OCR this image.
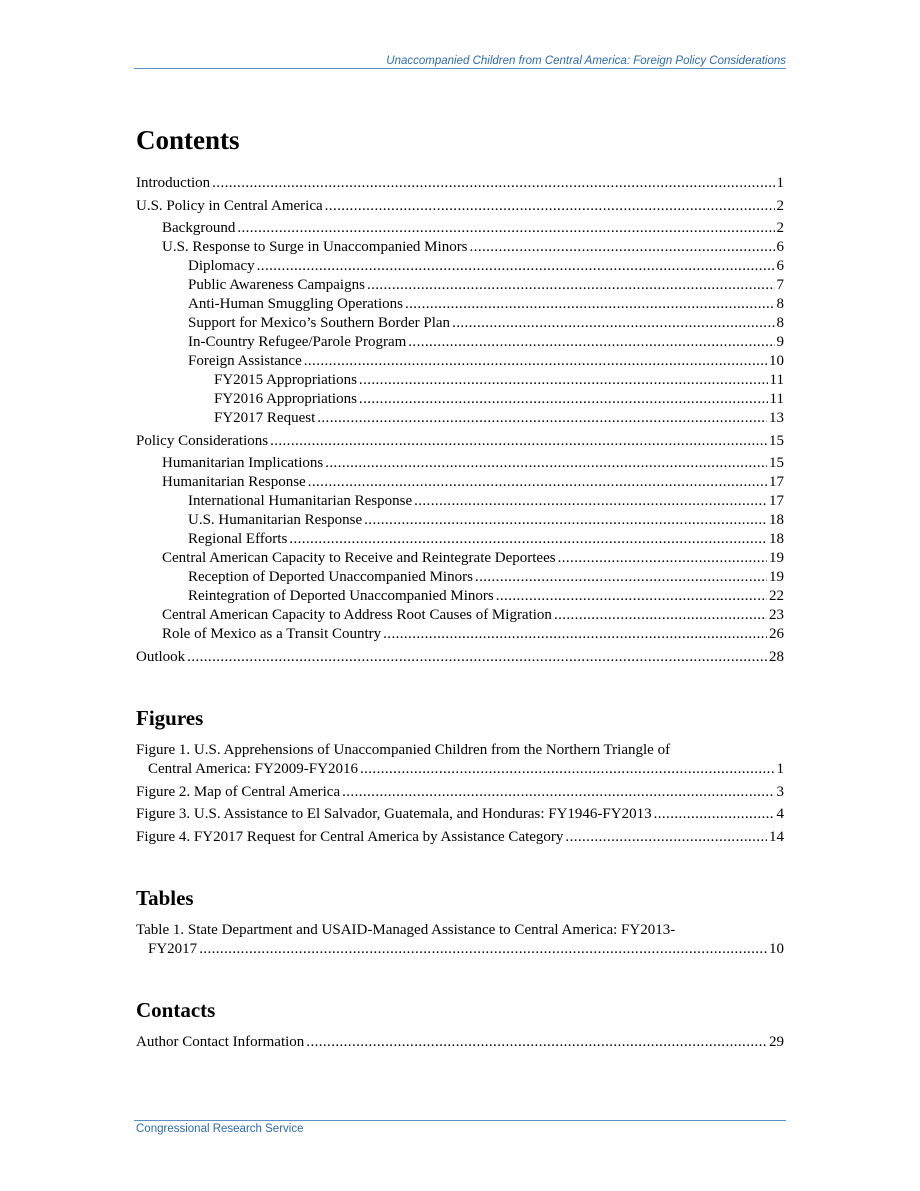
Unaccompanied Children from Central America: Foreign Policy Considerations
Contents
Introduction .....	1
U.S. Policy in Central America .....	2
Background .....	2
U.S. Response to Surge in Unaccompanied Minors .....	6
Diplomacy .....	6
Public Awareness Campaigns .....	7
Anti-Human Smuggling Operations .....	8
Support for Mexico’s Southern Border Plan .....	8
In-Country Refugee/Parole Program .....	9
Foreign Assistance .....	10
FY2015 Appropriations .....	11
FY2016 Appropriations .....	11
FY2017 Request .....	13
Policy Considerations .....	15
Humanitarian Implications .....	15
Humanitarian Response .....	17
International Humanitarian Response .....	17
U.S. Humanitarian Response .....	18
Regional Efforts .....	18
Central American Capacity to Receive and Reintegrate Deportees .....	19
Reception of Deported Unaccompanied Minors .....	19
Reintegration of Deported Unaccompanied Minors .....	22
Central American Capacity to Address Root Causes of Migration .....	23
Role of Mexico as a Transit Country .....	26
Outlook .....	28
Figures
Figure 1. U.S. Apprehensions of Unaccompanied Children from the Northern Triangle of
Central America: FY2009-FY2016 .....	1
Figure 2. Map of Central America .....	3
Figure 3. U.S. Assistance to El Salvador, Guatemala, and Honduras: FY1946-FY2013 .....	4
Figure 4. FY2017 Request for Central America by Assistance Category .....	14
Tables
Table 1. State Department and USAID-Managed Assistance to Central America: FY2013-
FY2017 .....	10
Contacts
Author Contact Information .....	29
Congressional Research Service
